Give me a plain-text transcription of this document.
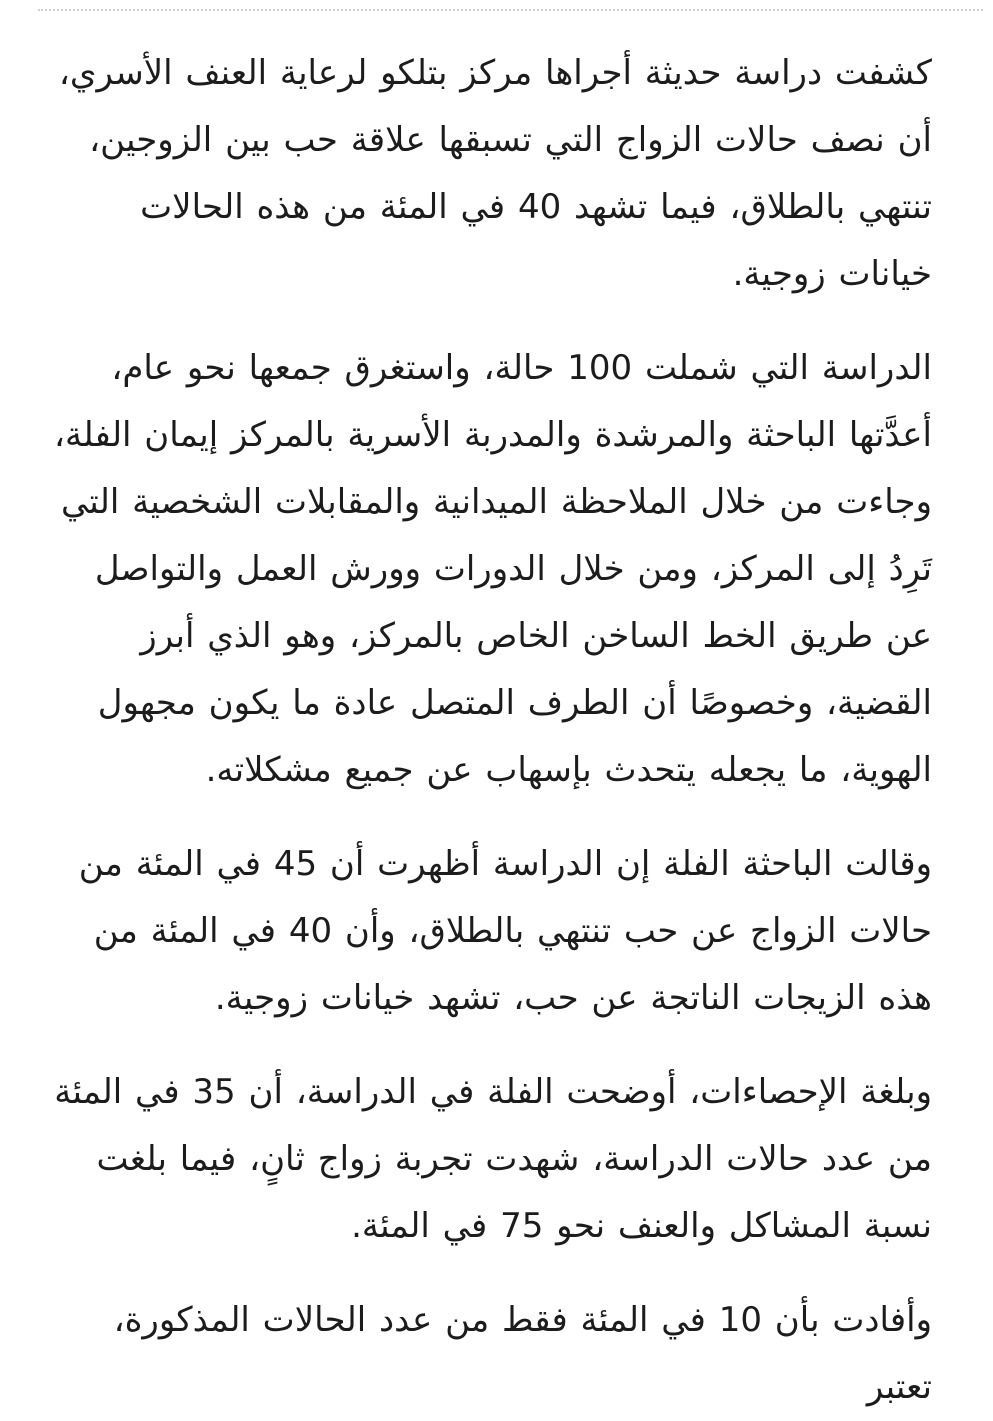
كشفت دراسة حديثة أجراها مركز بتلكو لرعاية العنف الأسري، أن نصف حالات الزواج التي تسبقها علاقة حب بين الزوجين، تنتهي بالطلاق، فيما تشهد 40 في المئة من هذه الحالات خيانات زوجية.

الدراسة التي شملت 100 حالة، واستغرق جمعها نحو عام، أعدَّتها الباحثة والمرشدة والمدربة الأسرية بالمركز إيمان الفلة، وجاءت من خلال الملاحظة الميدانية والمقابلات الشخصية التي تَرِدُ إلى المركز، ومن خلال الدورات وورش العمل والتواصل عن طريق الخط الساخن الخاص بالمركز، وهو الذي أبرز القضية، وخصوصًا أن الطرف المتصل عادة ما يكون مجهول الهوية، ما يجعله يتحدث بإسهاب عن جميع مشكلاته.

وقالت الباحثة الفلة إن الدراسة أظهرت أن 45 في المئة من حالات الزواج عن حب تنتهي بالطلاق، وأن 40 في المئة من هذه الزيجات الناتجة عن حب، تشهد خيانات زوجية.

وبلغة الإحصاءات، أوضحت الفلة في الدراسة، أن 35 في المئة من عدد حالات الدراسة، شهدت تجربة زواج ثانٍ، فيما بلغت نسبة المشاكل والعنف نحو 75 في المئة.

وأفادت بأن 10 في المئة فقط من عدد الحالات المذكورة، تعتبر
